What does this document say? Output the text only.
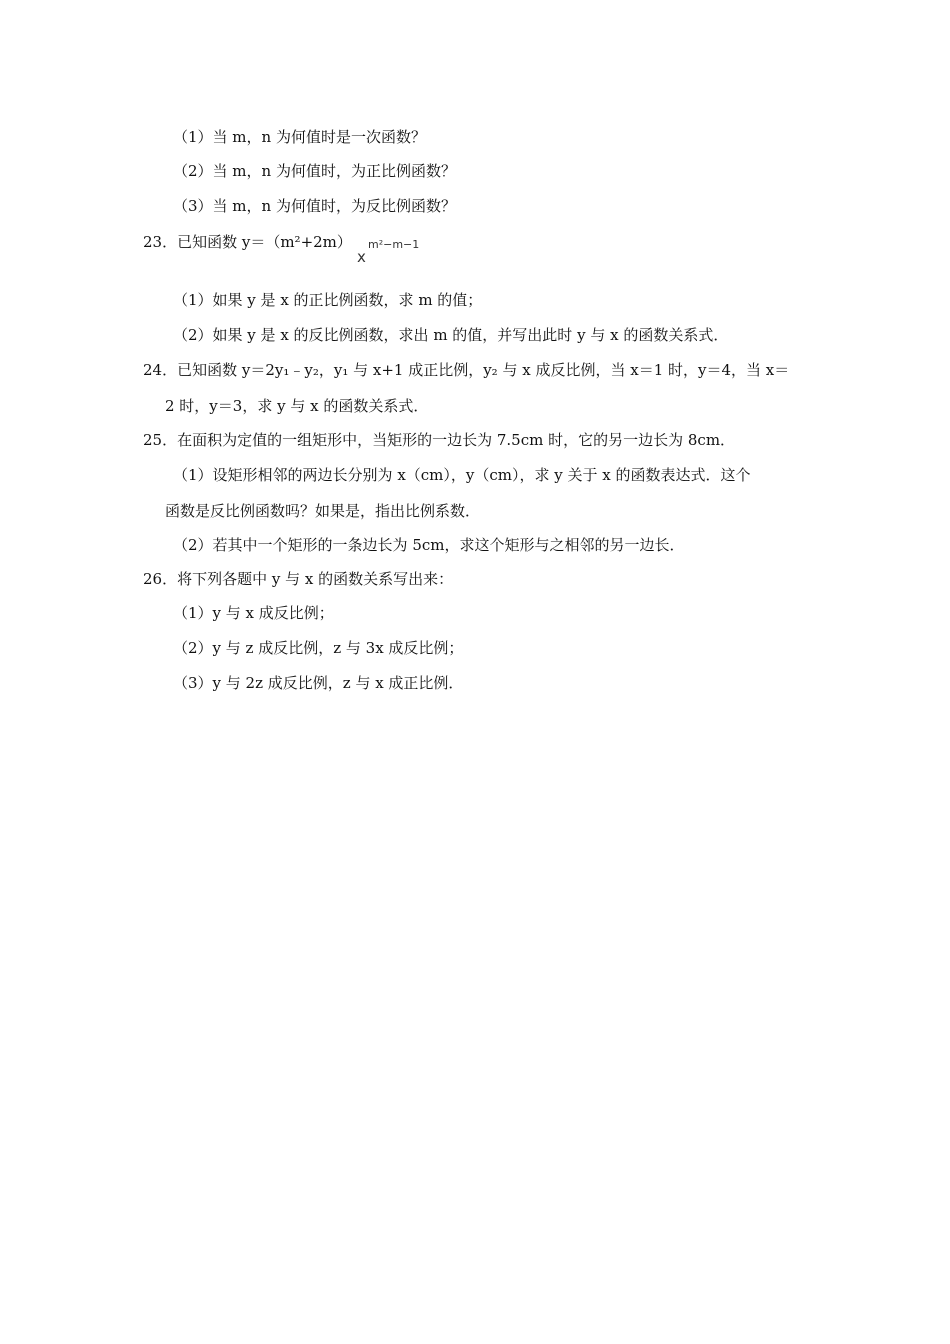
（1）当 m，n 为何值时是一次函数？
（2）当 m，n 为何值时，为正比例函数？
（3）当 m，n 为何值时，为反比例函数？
23．已知函数 y＝（m²+2m）
x
m²−m−1
（1）如果 y 是 x 的正比例函数，求 m 的值；
（2）如果 y 是 x 的反比例函数，求出 m 的值，并写出此时 y 与 x 的函数关系式．
24．已知函数 y＝2y₁﹣y₂，y₁ 与 x+1 成正比例，y₂ 与 x 成反比例，当 x＝1 时，y＝4，当 x＝
2 时，y＝3，求 y 与 x 的函数关系式．
25．在面积为定值的一组矩形中，当矩形的一边长为 7.5cm 时，它的另一边长为 8cm．
（1）设矩形相邻的两边长分别为 x（cm），y（cm），求 y 关于 x 的函数表达式．这个
函数是反比例函数吗？如果是，指出比例系数．
（2）若其中一个矩形的一条边长为 5cm，求这个矩形与之相邻的另一边长．
26．将下列各题中 y 与 x 的函数关系写出来：
（1）y 与 x 成反比例；
（2）y 与 z 成反比例，z 与 3x 成反比例；
（3）y 与 2z 成反比例，z 与 x 成正比例．
